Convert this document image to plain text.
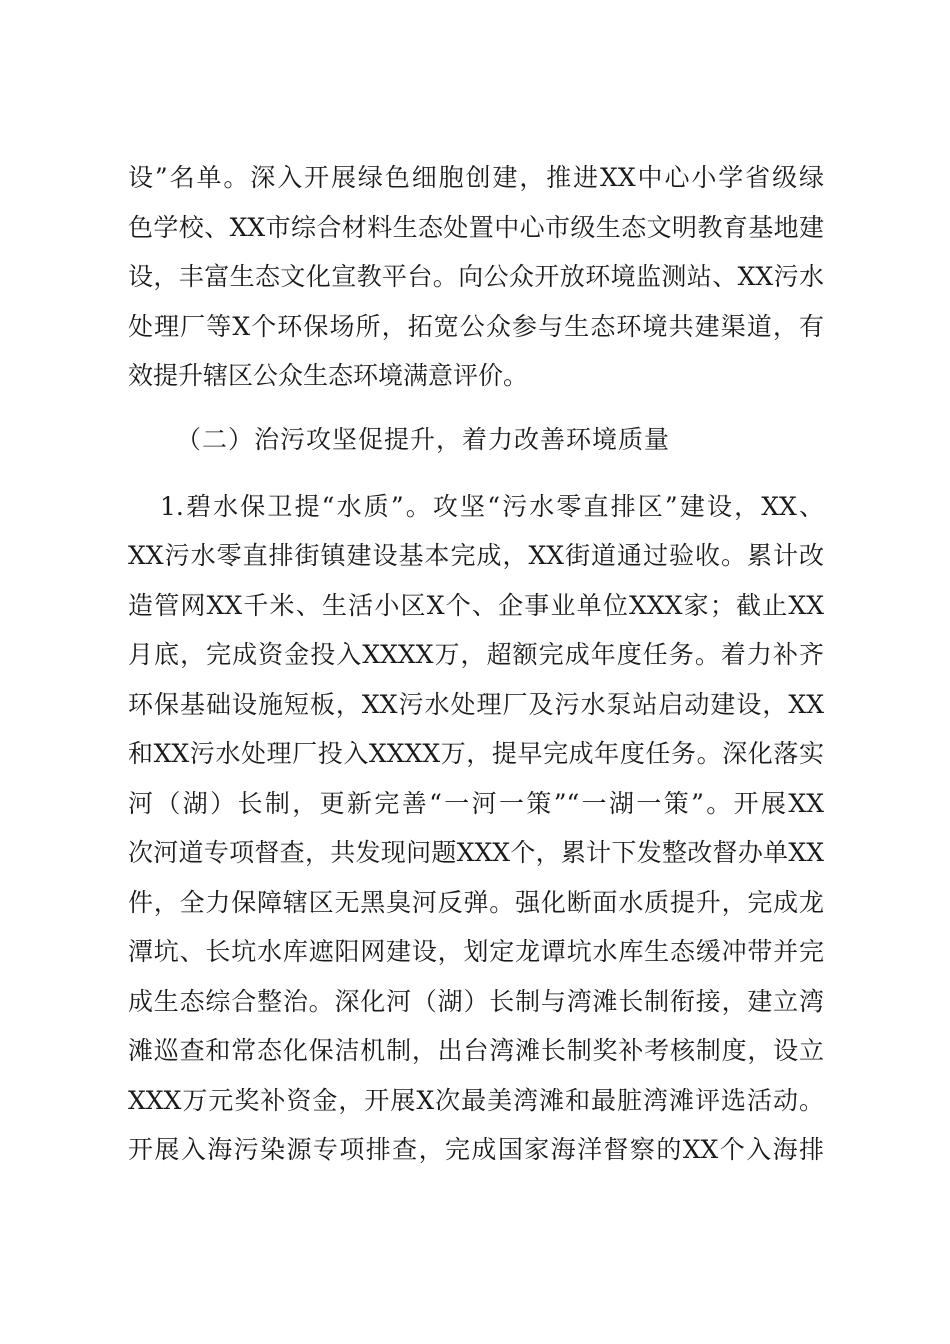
设”名单。深入开展绿色细胞创建，推进XX中心小学省级绿
色学校、XX市综合材料生态处置中心市级生态文明教育基地建
设，丰富生态文化宣教平台。向公众开放环境监测站、XX污水
处理厂等X个环保场所，拓宽公众参与生态环境共建渠道，有
效提升辖区公众生态环境满意评价。
（二）治污攻坚促提升，着力改善环境质量
1.碧水保卫提“水质”。攻坚“污水零直排区”建设，XX、
XX污水零直排街镇建设基本完成，XX街道通过验收。累计改
造管网XX千米、生活小区X个、企事业单位XXX家；截止XX
月底，完成资金投入XXXX万，超额完成年度任务。着力补齐
环保基础设施短板，XX污水处理厂及污水泵站启动建设，XX
和XX污水处理厂投入XXXX万，提早完成年度任务。深化落实
河（湖）长制，更新完善“一河一策”“一湖一策”。开展XX
次河道专项督查，共发现问题XXX个，累计下发整改督办单XX
件，全力保障辖区无黑臭河反弹。强化断面水质提升，完成龙
潭坑、长坑水库遮阳网建设，划定龙谭坑水库生态缓冲带并完
成生态综合整治。深化河（湖）长制与湾滩长制衔接，建立湾
滩巡查和常态化保洁机制，出台湾滩长制奖补考核制度，设立
XXX万元奖补资金，开展X次最美湾滩和最脏湾滩评选活动。
开展入海污染源专项排查，完成国家海洋督察的XX个入海排
